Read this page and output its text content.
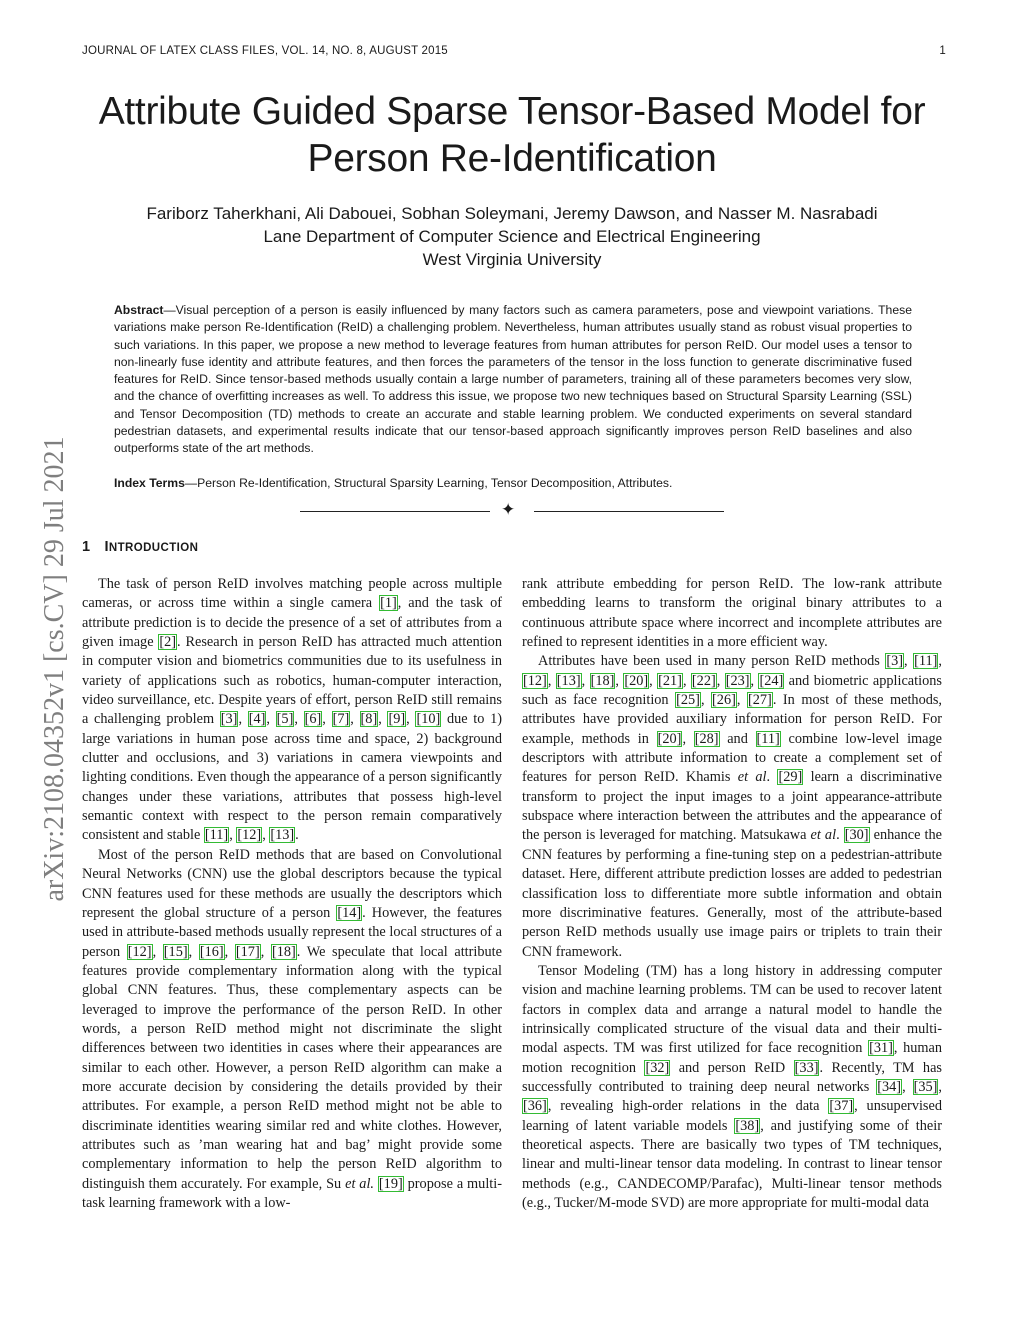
JOURNAL OF LATEX CLASS FILES, VOL. 14, NO. 8, AUGUST 2015	1
Attribute Guided Sparse Tensor-Based Model for
Person Re-Identification
Fariborz Taherkhani, Ali Dabouei, Sobhan Soleymani, Jeremy Dawson, and Nasser M. Nasrabadi
Lane Department of Computer Science and Electrical Engineering
West Virginia University
Abstract—Visual perception of a person is easily influenced by many factors such as camera parameters, pose and viewpoint variations. These variations make person Re-Identification (ReID) a challenging problem. Nevertheless, human attributes usually stand as robust visual properties to such variations. In this paper, we propose a new method to leverage features from human attributes for person ReID. Our model uses a tensor to non-linearly fuse identity and attribute features, and then forces the parameters of the tensor in the loss function to generate discriminative fused features for ReID. Since tensor-based methods usually contain a large number of parameters, training all of these parameters becomes very slow, and the chance of overfitting increases as well. To address this issue, we propose two new techniques based on Structural Sparsity Learning (SSL) and Tensor Decomposition (TD) methods to create an accurate and stable learning problem. We conducted experiments on several standard pedestrian datasets, and experimental results indicate that our tensor-based approach significantly improves person ReID baselines and also outperforms state of the art methods.
Index Terms—Person Re-Identification, Structural Sparsity Learning, Tensor Decomposition, Attributes.
✦
1 INTRODUCTION
arXiv:2108.04352v1 [cs.CV] 29 Jul 2021	The task of person ReID involves matching people across multiple cameras, or across time within a single camera [1], and the task of attribute prediction is to decide the presence of a set of attributes from a given image [2]. Research in person ReID has attracted much attention in computer vision and biometrics communities due to its usefulness in variety of applications such as robotics, human-computer interaction, video surveillance, etc. Despite years of effort, person ReID still remains a challenging problem [3], [4], [5], [6], [7], [8], [9], [10] due to 1) large variations in human pose across time and space, 2) background clutter and occlusions, and 3) variations in camera viewpoints and lighting conditions. Even though the appearance of a person significantly changes under these variations, attributes that possess high-level semantic context with respect to the person remain comparatively consistent and stable [11], [12], [13].

Most of the person ReID methods that are based on Convolutional Neural Networks (CNN) use the global descriptors because the typical CNN features used for these methods are usually the descriptors which represent the global structure of a person [14]. However, the features used in attribute-based methods usually represent the local structures of a person [12], [15], [16], [17], [18]. We speculate that local attribute features provide complementary information along with the typical global CNN features. Thus, these complementary aspects can be leveraged to improve the performance of the person ReID. In other words, a person ReID method might not discriminate the slight differences between two identities in cases where their appearances are similar to each other. However, a person ReID algorithm can make a more accurate decision by considering the details provided by their attributes. For example, a person ReID method might not be able to discriminate identities wearing similar red and white clothes. However, attributes such as ’man wearing hat and bag’ might provide some complementary information to help the person ReID algorithm to distinguish them accurately. For example, Su et al. [19] propose a multi-task learning framework with a low-

rank attribute embedding for person ReID. The low-rank attribute embedding learns to transform the original binary attributes to a continuous attribute space where incorrect and incomplete attributes are refined to represent identities in a more efficient way.

Attributes have been used in many person ReID methods [3], [11], [12], [13], [18], [20], [21], [22], [23], [24] and biometric applications such as face recognition [25], [26], [27]. In most of these methods, attributes have provided auxiliary information for person ReID. For example, methods in [20], [28] and [11] combine low-level image descriptors with attribute information to create a complement set of features for person ReID. Khamis et al. [29] learn a discriminative transform to project the input images to a joint appearance-attribute subspace where interaction between the attributes and the appearance of the person is leveraged for matching. Matsukawa et al. [30] enhance the CNN features by performing a fine-tuning step on a pedestrian-attribute dataset. Here, different attribute prediction losses are added to pedestrian classification loss to differentiate more subtle information and obtain more discriminative features. Generally, most of the attribute-based person ReID methods usually use image pairs or triplets to train their CNN framework.

Tensor Modeling (TM) has a long history in addressing computer vision and machine learning problems. TM can be used to recover latent factors in complex data and arrange a natural model to handle the intrinsically complicated structure of the visual data and their multi-modal aspects. TM was first utilized for face recognition [31], human motion recognition [32] and person ReID [33]. Recently, TM has successfully contributed to training deep neural networks [34], [35], [36], revealing high-order relations in the data [37], unsupervised learning of latent variable models [38], and justifying some of their theoretical aspects. There are basically two types of TM techniques, linear and multi-linear tensor data modeling. In contrast to linear tensor methods (e.g., CANDECOMP/Parafac), Multi-linear tensor methods (e.g., Tucker/M-mode SVD) are more appropriate for multi-modal data
